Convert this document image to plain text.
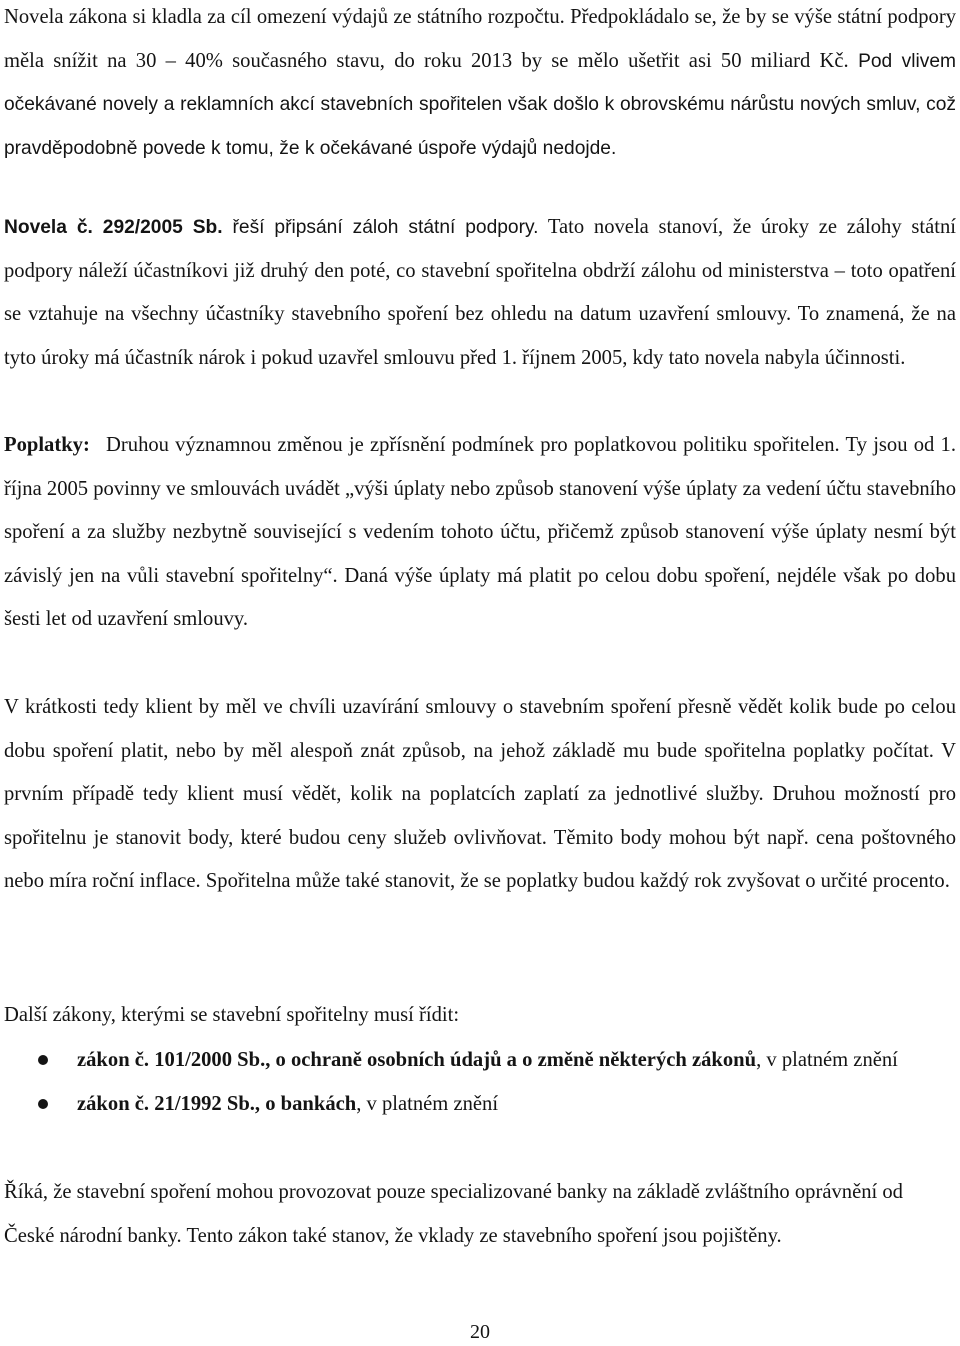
Novela zákona si kladla za cíl omezení výdajů ze státního rozpočtu. Předpokládalo se, že by se výše státní podpory měla snížit na 30 – 40% současného stavu, do roku 2013 by se mělo ušetřit asi 50 miliard Kč. Pod vlivem očekávané novely a reklamních akcí stavebních spořitelen však došlo k obrovskému nárůstu nových smluv, což pravděpodobně povede k tomu, že k očekávané úspoře výdajů nedojde.

Novela č. 292/2005 Sb. řeší připsání záloh státní podpory. Tato novela stanoví, že úroky ze zálohy státní podpory náleží účastníkovi již druhý den poté, co stavební spořitelna obdrží zálohu od ministerstva – toto opatření se vztahuje na všechny účastníky stavebního spoření bez ohledu na datum uzavření smlouvy. To znamená, že na tyto úroky má účastník nárok i pokud uzavřel smlouvu před 1. říjnem 2005, kdy tato novela nabyla účinnosti.

Poplatky: Druhou významnou změnou je zpřísnění podmínek pro poplatkovou politiku spořitelen. Ty jsou od 1. října 2005 povinny ve smlouvách uvádět „výši úplaty nebo způsob stanovení výše úplaty za vedení účtu stavebního spoření a za služby nezbytně související s vedením tohoto účtu, přičemž způsob stanovení výše úplaty nesmí být závislý jen na vůli stavební spořitelny“. Daná výše úplaty má platit po celou dobu spoření, nejdéle však po dobu šesti let od uzavření smlouvy.

V krátkosti tedy klient by měl ve chvíli uzavírání smlouvy o stavebním spoření přesně vědět kolik bude po celou dobu spoření platit, nebo by měl alespoň znát způsob, na jehož základě mu bude spořitelna poplatky počítat. V prvním případě tedy klient musí vědět, kolik na poplatcích zaplatí za jednotlivé služby. Druhou možností pro spořitelnu je stanovit body, které budou ceny služeb ovlivňovat. Těmito body mohou být např. cena poštovného nebo míra roční inflace. Spořitelna může také stanovit, že se poplatky budou každý rok zvyšovat o určité procento.

Další zákony, kterými se stavební spořitelny musí řídit:

zákon č. 101/2000 Sb., o ochraně osobních údajů a o změně některých zákonů, v platném znění
zákon č. 21/1992 Sb., o bankách, v platném znění

Říká, že stavební spoření mohou provozovat pouze specializované banky na základě zvláštního oprávnění od České národní banky. Tento zákon také stanov, že vklady ze stavebního spoření jsou pojištěny.

20
